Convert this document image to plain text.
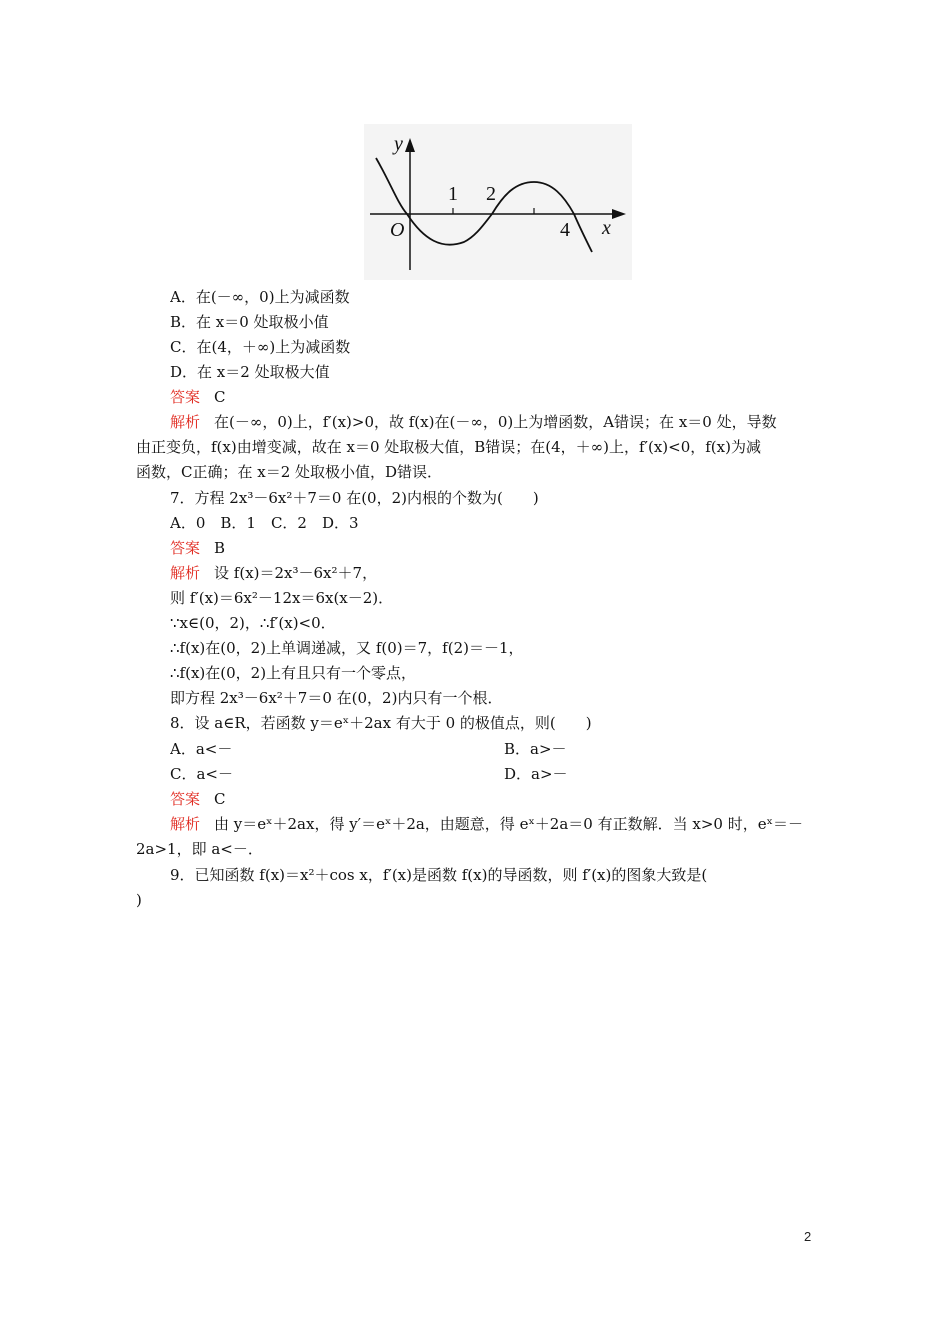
y
x
O
1 2
4
A．在(－∞，0)上为减函数
B．在 x＝0 处取极小值
C．在(4，＋∞)上为减函数
D．在 x＝2 处取极大值
答案 C
解析 在(－∞，0)上，f′(x)>0，故 f(x)在(－∞，0)上为增函数，A错误；在 x＝0 处，导数
由正变负，f(x)由增变减，故在 x＝0 处取极大值，B错误；在(4，＋∞)上，f′(x)<0，f(x)为减
函数，C正确；在 x＝2 处取极小值，D错误．
7．方程 2x³－6x²＋7＝0 在(0，2)内根的个数为(　　)
A．0　B．1　C．2　D．3
答案 B
解析 设 f(x)＝2x³－6x²＋7，
则 f′(x)＝6x²－12x＝6x(x－2)．
∵x∈(0，2)，∴f′(x)<0．
∴f(x)在(0，2)上单调递减，又 f(0)＝7，f(2)＝－1，
∴f(x)在(0，2)上有且只有一个零点，
即方程 2x³－6x²＋7＝0 在(0，2)内只有一个根．
8．设 a∈R，若函数 y＝eˣ＋2ax 有大于 0 的极值点，则(　　)
A．a<－	B．a>－
C．a<－	D．a>－
答案 C
解析 由 y＝eˣ＋2ax，得 y′＝eˣ＋2a，由题意，得 eˣ＋2a＝0 有正数解．当 x>0 时，eˣ＝－
2a>1，即 a<－．
9．已知函数 f(x)＝x²＋cos x，f′(x)是函数 f(x)的导函数，则 f′(x)的图象大致是(
)
2
